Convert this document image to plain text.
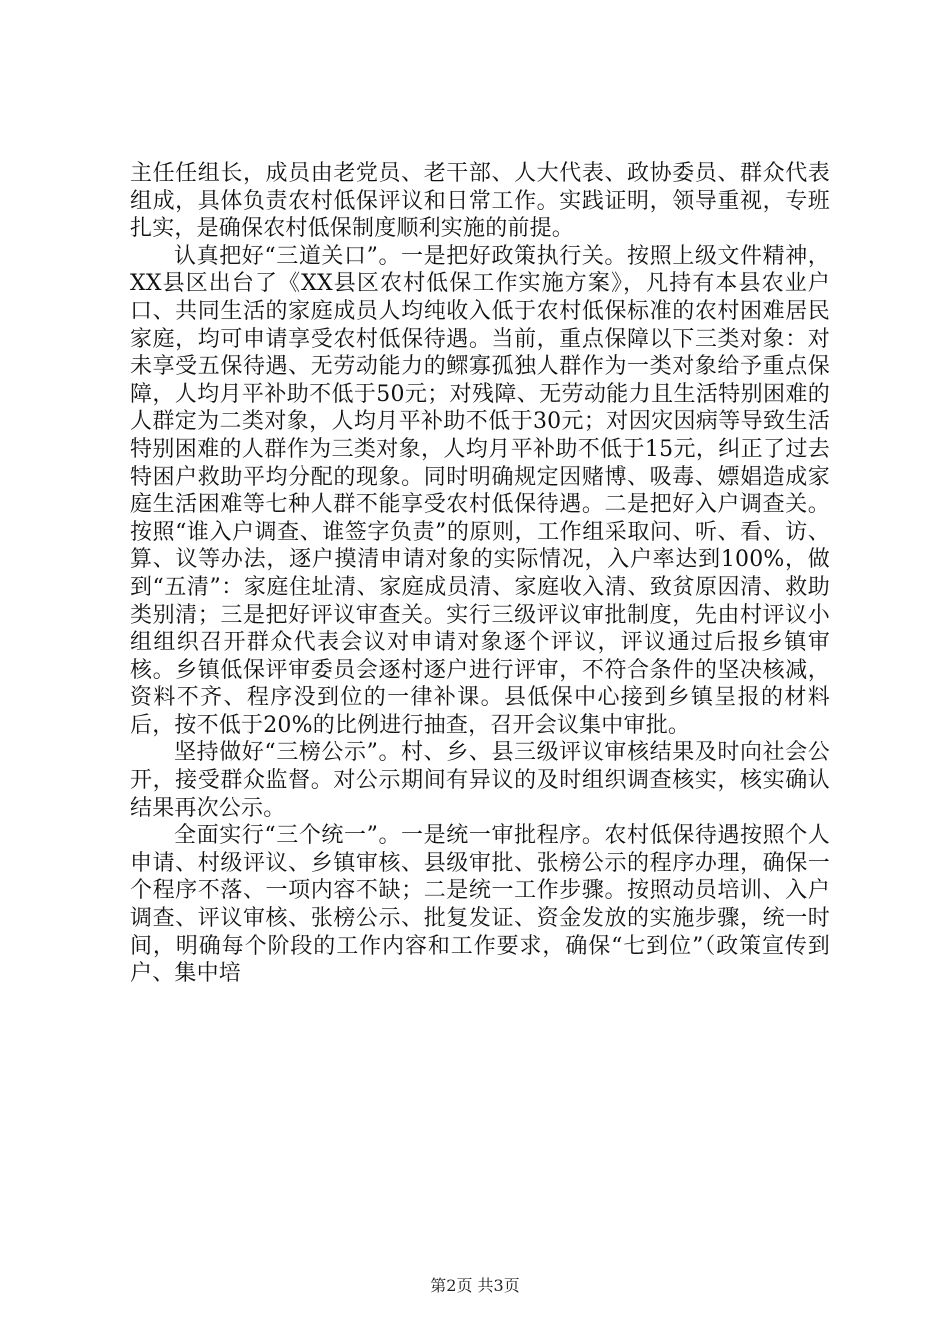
主任任组长，成员由老党员、老干部、人大代表、政协委员、群众代表组成，具体负责农村低保评议和日常工作。实践证明，领导重视，专班扎实，是确保农村低保制度顺利实施的前提。

认真把好“三道关口”。一是把好政策执行关。按照上级文件精神，XX县区出台了《XX县区农村低保工作实施方案》，凡持有本县农业户口、共同生活的家庭成员人均纯收入低于农村低保标准的农村困难居民家庭，均可申请享受农村低保待遇。当前，重点保障以下三类对象：对未享受五保待遇、无劳动能力的鳏寡孤独人群作为一类对象给予重点保障，人均月平补助不低于50元；对残障、无劳动能力且生活特别困难的人群定为二类对象，人均月平补助不低于30元；对因灾因病等导致生活特别困难的人群作为三类对象，人均月平补助不低于15元，纠正了过去特困户救助平均分配的现象。同时明确规定因赌博、吸毒、嫖娼造成家庭生活困难等七种人群不能享受农村低保待遇。二是把好入户调查关。按照“谁入户调查、谁签字负责”的原则，工作组采取问、听、看、访、算、议等办法，逐户摸清申请对象的实际情况，入户率达到100%，做到“五清”：家庭住址清、家庭成员清、家庭收入清、致贫原因清、救助类别清；三是把好评议审查关。实行三级评议审批制度，先由村评议小组组织召开群众代表会议对申请对象逐个评议，评议通过后报乡镇审核。乡镇低保评审委员会逐村逐户进行评审，不符合条件的坚决核减，资料不齐、程序没到位的一律补课。县低保中心接到乡镇呈报的材料后，按不低于20%的比例进行抽查，召开会议集中审批。

坚持做好“三榜公示”。村、乡、县三级评议审核结果及时向社会公开，接受群众监督。对公示期间有异议的及时组织调查核实，核实确认结果再次公示。

全面实行“三个统一”。一是统一审批程序。农村低保待遇按照个人申请、村级评议、乡镇审核、县级审批、张榜公示的程序办理，确保一个程序不落、一项内容不缺；二是统一工作步骤。按照动员培训、入户调查、评议审核、张榜公示、批复发证、资金发放的实施步骤，统一时间，明确每个阶段的工作内容和工作要求，确保“七到位”（政策宣传到户、集中培

第2页 共3页
